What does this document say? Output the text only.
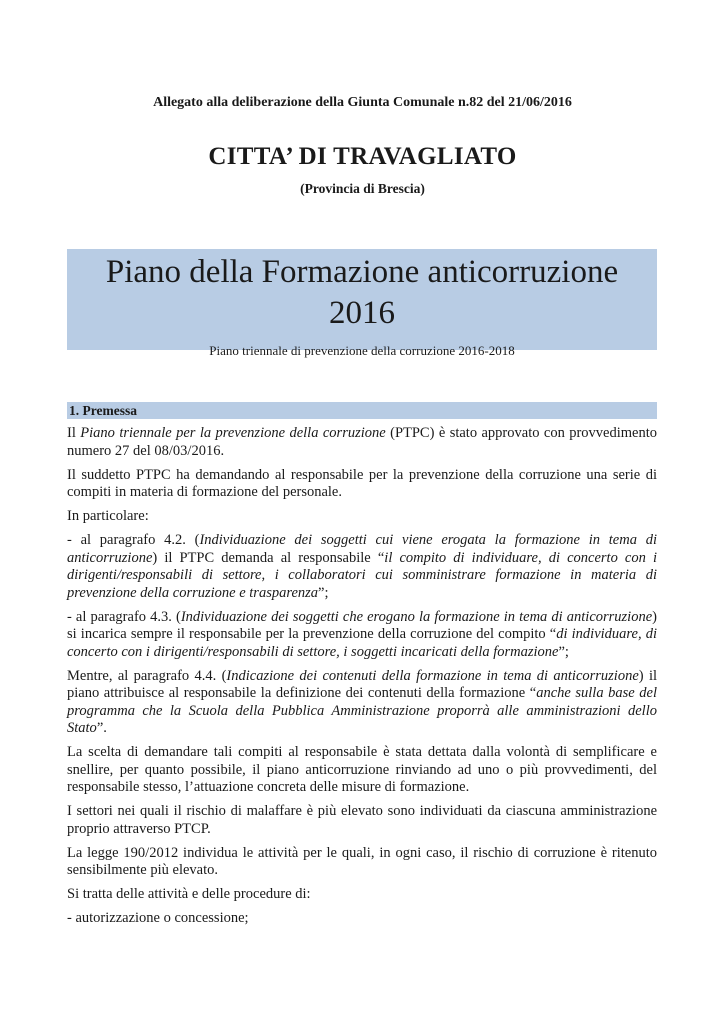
Allegato alla deliberazione della Giunta Comunale n.82 del 21/06/2016
CITTA’ DI TRAVAGLIATO
(Provincia di Brescia)
Piano della Formazione anticorruzione
2016
Piano triennale di prevenzione della corruzione 2016-2018
1. Premessa

Il Piano triennale per la prevenzione della corruzione (PTPC) è stato approvato con provvedimento numero 27 del 08/03/2016.

Il suddetto PTPC ha demandando al responsabile per la prevenzione della corruzione una serie di compiti in materia di formazione del personale.

In particolare:

- al paragrafo 4.2. (Individuazione dei soggetti cui viene erogata la formazione in tema di anticorruzione) il PTPC demanda al responsabile “il compito di individuare, di concerto con i dirigenti/responsabili di settore, i collaboratori cui somministrare formazione in materia di prevenzione della corruzione e trasparenza”;

- al paragrafo 4.3. (Individuazione dei soggetti che erogano la formazione in tema di anticorruzione) si incarica sempre il responsabile per la prevenzione della corruzione del compito “di individuare, di concerto con i dirigenti/responsabili di settore, i soggetti incaricati della formazione”;

Mentre, al paragrafo 4.4. (Indicazione dei contenuti della formazione in tema di anticorruzione) il piano attribuisce al responsabile la definizione dei contenuti della formazione “anche sulla base del programma che la Scuola della Pubblica Amministrazione proporrà alle amministrazioni dello Stato”.

La scelta di demandare tali compiti al responsabile è stata dettata dalla volontà di semplificare e snellire, per quanto possibile, il piano anticorruzione rinviando ad uno o più provvedimenti, del responsabile stesso, l’attuazione concreta delle misure di formazione.

I settori nei quali il rischio di malaffare è più elevato sono individuati da ciascuna amministrazione proprio attraverso PTCP.

La legge 190/2012 individua le attività per le quali, in ogni caso, il rischio di corruzione è ritenuto sensibilmente più elevato.

Si tratta delle attività e delle procedure di:

- autorizzazione o concessione;
